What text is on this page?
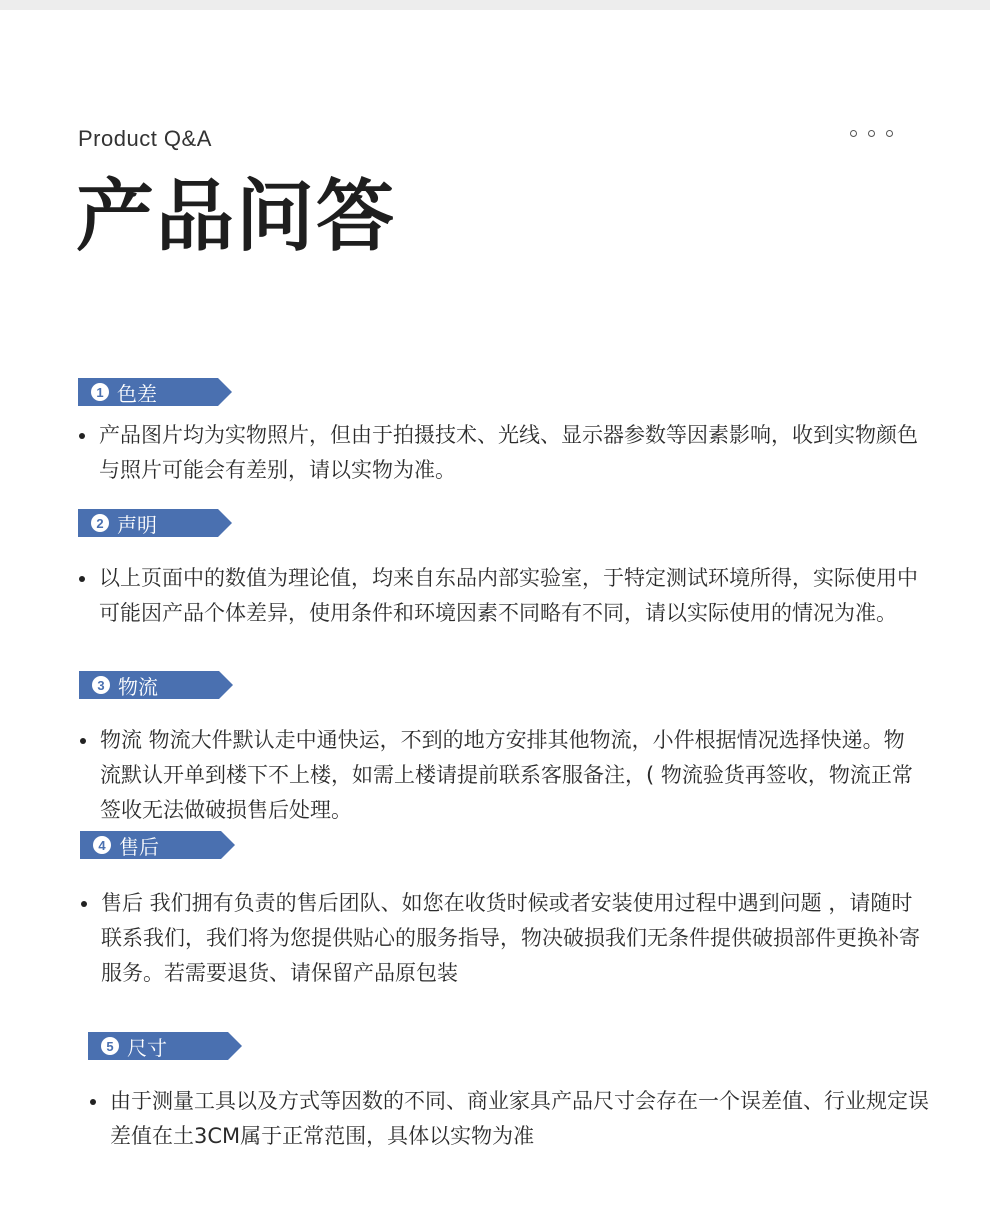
Product Q&A
产品问答
1 色差
产品图片均为实物照片，但由于拍摄技术、光线、显示器参数等因素影响，收到实物颜色与照片可能会有差别，请以实物为准。
2 声明
以上页面中的数值为理论值，均来自东品内部实验室，于特定测试环境所得，实际使用中可能因产品个体差异，使用条件和环境因素不同略有不同，请以实际使用的情况为准。
3 物流
物流 物流大件默认走中通快运，不到的地方安排其他物流，小件根据情况选择快递。物流默认开单到楼下不上楼，如需上楼请提前联系客服备注，( 物流验货再签收，物流正常签收无法做破损售后处理。
4 售后
售后 我们拥有负责的售后团队、如您在收货时候或者安装使用过程中遇到问题 ，请随时联系我们，我们将为您提供贴心的服务指导，物决破损我们无条件提供破损部件更换补寄服务。若需要退货、请保留产品原包装
5 尺寸
由于测量工具以及方式等因数的不同、商业家具产品尺寸会存在一个误差值、行业规定误差值在土3CM属于正常范围，具体以实物为准
